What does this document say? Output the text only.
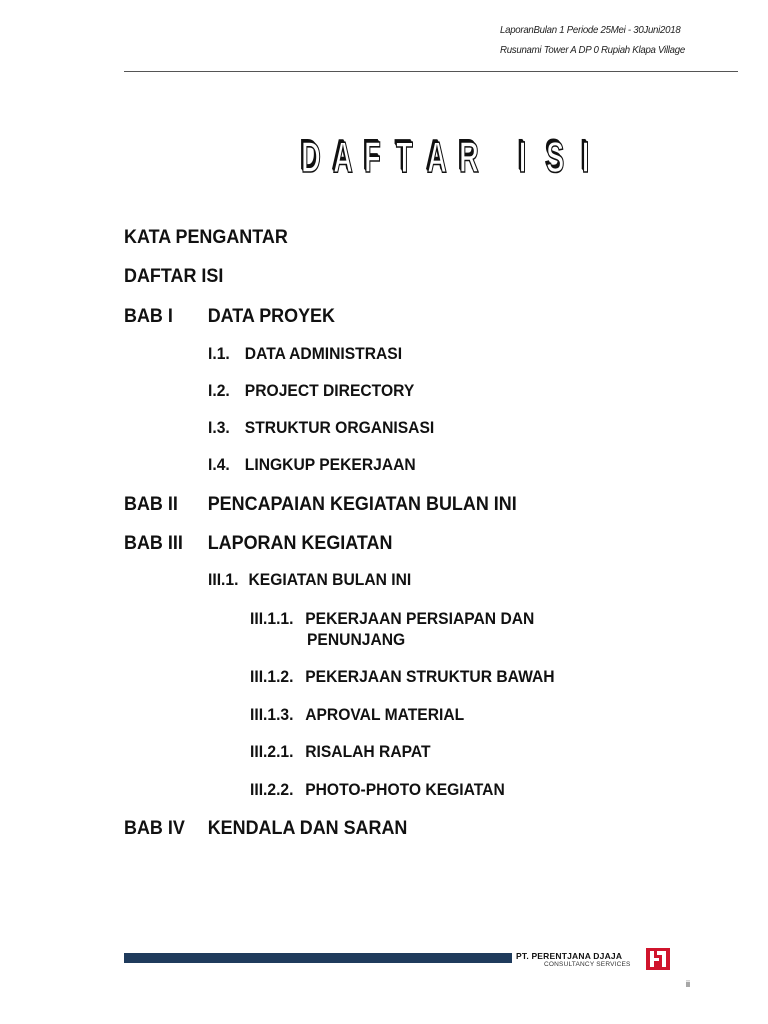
LaporanBulan 1 Periode 25Mei - 30Juni2018
Rusunami Tower A DP 0 Rupiah Klapa Village
D A F T A R I S I
KATA PENGANTAR
DAFTAR ISI
BAB I DATA PROYEK
I.1. DATA ADMINISTRASI
I.2. PROJECT DIRECTORY
I.3. STRUKTUR ORGANISASI
I.4. LINGKUP PEKERJAAN
BAB II PENCAPAIAN KEGIATAN BULAN INI
BAB III LAPORAN KEGIATAN
III.1. KEGIATAN BULAN INI
III.1.1. PEKERJAAN PERSIAPAN DAN
PENUNJANG
III.1.2. PEKERJAAN STRUKTUR BAWAH
III.1.3. APROVAL MATERIAL
III.2.1. RISALAH RAPAT
III.2.2. PHOTO-PHOTO KEGIATAN
BAB IV KENDALA DAN SARAN
PT. PERENTJANA DJAJA
CONSULTANCY SERVICES
ii
